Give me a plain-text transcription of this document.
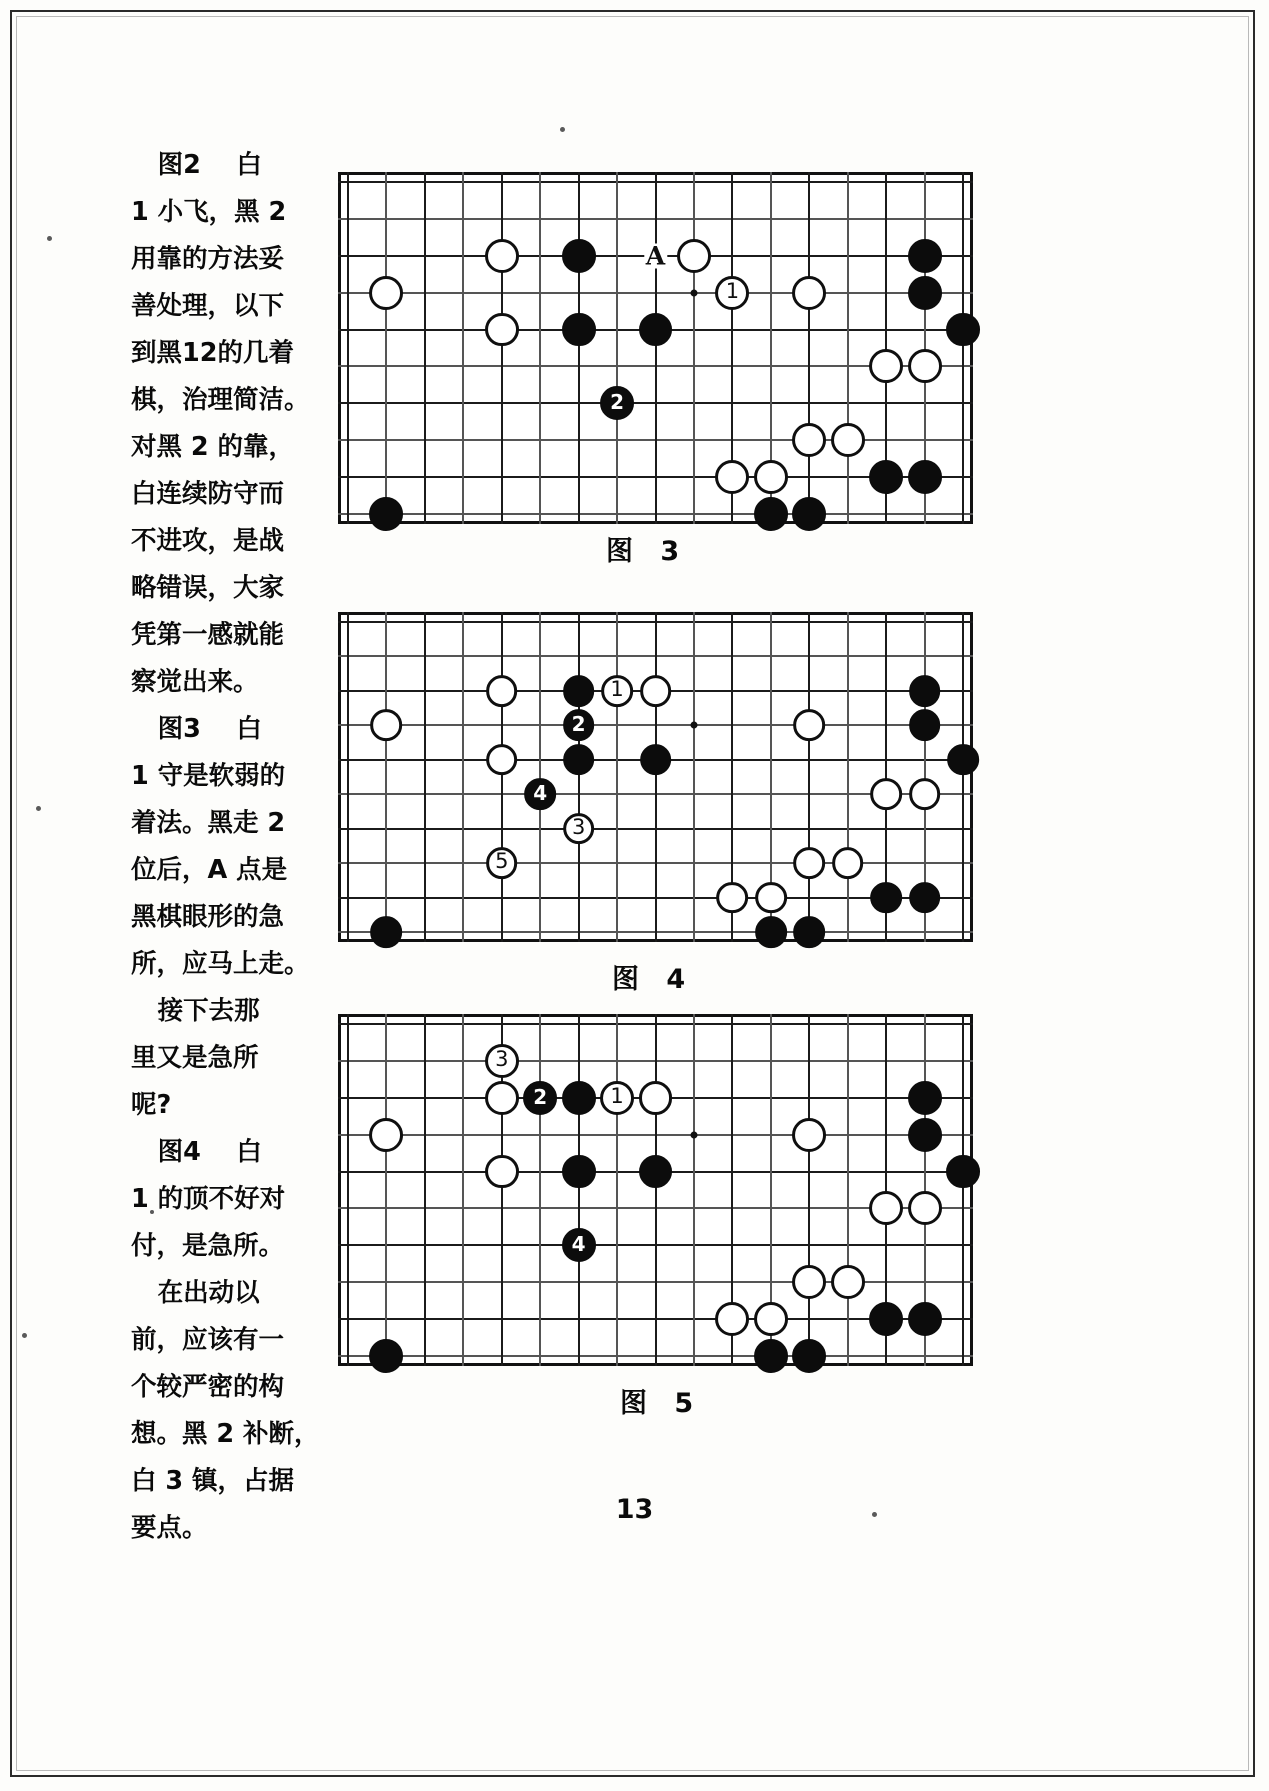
图2    白
1 小飞，黑 2
用靠的方法妥
善处理，以下
到黑12的几着
棋，治理简洁。
对黑 2 的靠，
白连续防守而
不进攻，是战
略错误，大家
凭第一感就能
察觉出来。
图3    白
1 守是软弱的
着法。黑走 2
位后，A 点是
黑棋眼形的急
所，应马上走。
接下去那
里又是急所
呢?
图4    白
1 的顶不好对
付，是急所。
在出动以
前，应该有一
个较严密的构
想。黑 2 补断，
白 3 镇，占据
要点。
A
1
2
图 3
1
2
4
3
5
图 4
3
2	1
4
图 5
13
